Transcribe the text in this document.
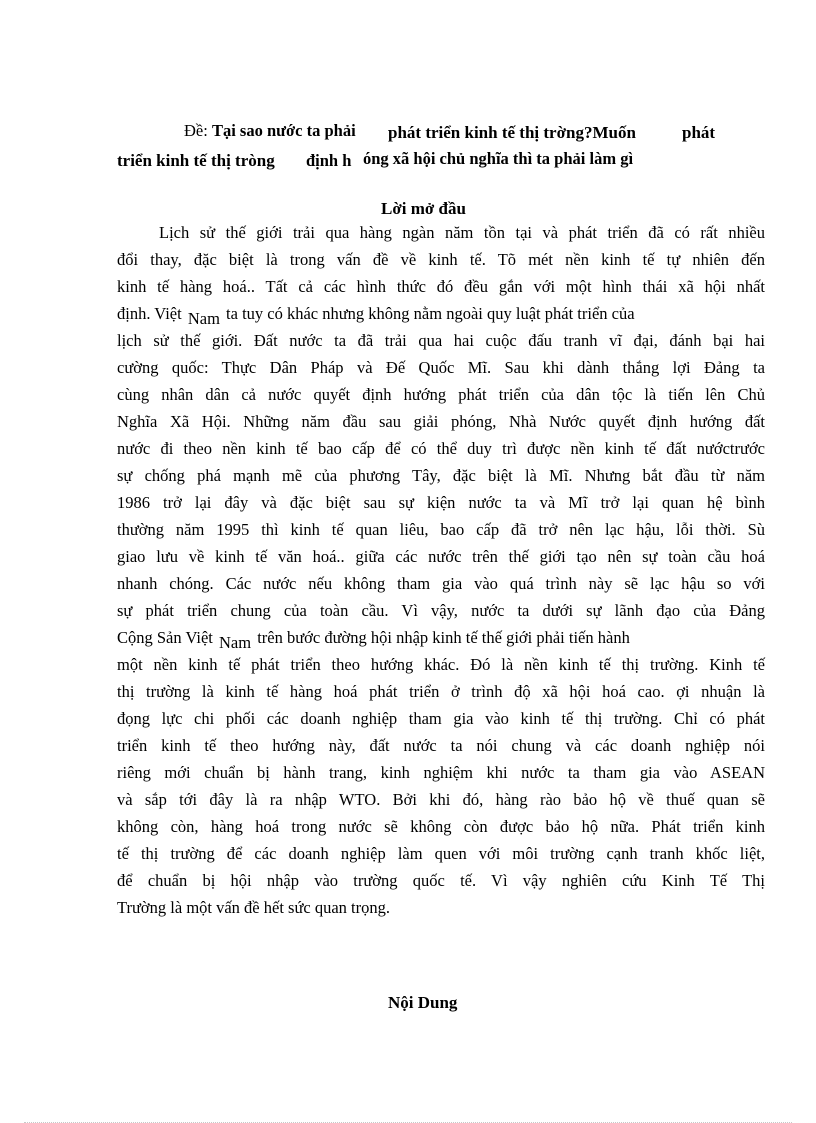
Đề: Tại sao nước ta phải phát triển kinh tế thị trờng?Muốn	phát
triển kinh tế thị tròng định h óng xã hội chủ nghĩa thì ta phải làm gì
Lời mở đầu
Lịch sử thế giới trải qua hàng ngàn năm tồn tại và phát triển đã có rất nhiều
đổi thay, đặc biệt là trong vấn đề về kinh tế. Tõ mét nền kinh tế tự nhiên đến
kinh tế hàng hoá.. Tất cả các hình thức đó đều gắn với một hình thái xã hội nhất
định. Việt Nam ta tuy có khác nhưng không nằm ngoài quy luật phát triển của
lịch sử thế giới. Đất nước ta đã trải qua hai cuộc đấu tranh vĩ đại, đánh bại hai
cường quốc: Thực Dân Pháp và Đế Quốc Mĩ. Sau khi dành thắng lợi Đảng ta
cùng nhân dân cả nước quyết định hướng phát triển của dân tộc là tiến lên Chủ
Nghĩa Xã Hội. Những năm đầu sau giải phóng, Nhà Nước quyết định hướng đất
nước đi theo nền kinh tế bao cấp để có thể duy trì được nền kinh tế đất nướctrước
sự chống phá mạnh mẽ của phương Tây, đặc biệt là Mĩ. Nhưng bắt đầu từ năm
1986 trở lại đây và đặc biệt sau sự kiện nước ta và Mĩ trở lại quan hệ bình
thường năm 1995 thì kinh tế quan liêu, bao cấp đã trở nên lạc hậu, lỗi thời. Sù
giao lưu về kinh tế văn hoá.. giữa các nước trên thế giới tạo nên sự toàn cầu hoá
nhanh chóng. Các nước nếu không tham gia vào quá trình này sẽ lạc hậu so với
sự phát triển chung của toàn cầu. Vì vậy, nước ta dưới sự lãnh đạo của Đảng
Cộng Sản Việt Nam trên bước đường hội nhập kinh tế thế giới phải tiến hành
một nền kinh tế phát triển theo hướng khác. Đó là nền kinh tế thị trường. Kinh tế
thị trường là kinh tế hàng hoá phát triển ở trình độ xã hội hoá cao. ợi nhuận là
đọng lực chi phối các doanh nghiệp tham gia vào kinh tế thị trường. Chỉ có phát
triển kinh tế theo hướng này, đất nước ta nói chung và các doanh nghiệp nói
riêng mới chuẩn bị hành trang, kinh nghiệm khi nước ta tham gia vào ASEAN
và sắp tới đây là ra nhập WTO. Bởi khi đó, hàng rào bảo hộ về thuế quan sẽ
không còn, hàng hoá trong nước sẽ không còn được bảo hộ nữa. Phát triển kinh
tế thị trường để các doanh nghiệp làm quen với môi trường cạnh tranh khốc liệt,
để chuẩn bị hội nhập vào trường quốc tế. Vì vậy nghiên cứu Kinh Tế Thị
Trường là một vấn đề hết sức quan trọng.
Nội Dung
